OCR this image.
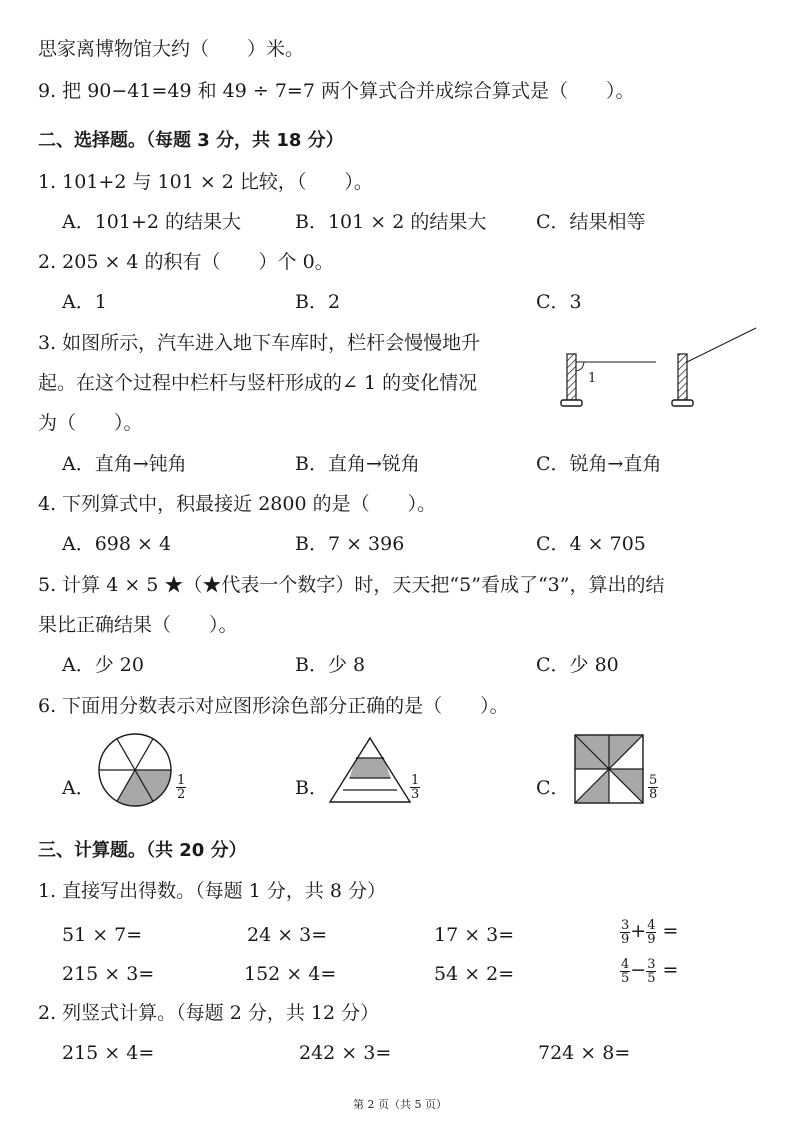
思家离博物馆大约（　　）米。
9. 把 90−41=49 和 49 ÷ 7=7 两个算式合并成综合算式是（　　）。
二、选择题。（每题 3 分，共 18 分）
1. 101+2 与 101 × 2 比较，（　　）。
A．101+2 的结果大	B．101 × 2 的结果大	C．结果相等
2. 205 × 4 的积有（　　）个 0。
A．1	B．2	C．3
3. 如图所示，汽车进入地下车库时，栏杆会慢慢地升
起。在这个过程中栏杆与竖杆形成的∠ 1 的变化情况
为（　　）。
1
A．直角→钝角	B．直角→锐角	C．锐角→直角
4. 下列算式中，积最接近 2800 的是（　　）。
A．698 × 4	B．7 × 396	C．4 × 705
5. 计算 4 × 5 ★（★代表一个数字）时，天天把“5”看成了“3”，算出的结
果比正确结果（　　）。
A．少 20	B．少 8	C．少 80
6. 下面用分数表示对应图形涂色部分正确的是（　　）。
A．	$\frac{1}{2}$	B．	$\frac{1}{3}$	C．	$\frac{5}{8}$
三、计算题。（共 20 分）
1. 直接写出得数。（每题 1 分，共 8 分）
51 × 7=	24 × 3=	17 × 3=	$\frac{3}{9} + \frac{4}{9}$ =
215 × 3=	152 × 4=	54 × 2=	$\frac{4}{5} - \frac{3}{5}$ =
2. 列竖式计算。（每题 2 分，共 12 分）
215 × 4=	242 × 3=	724 × 8=
第 2 页（共 5 页）
